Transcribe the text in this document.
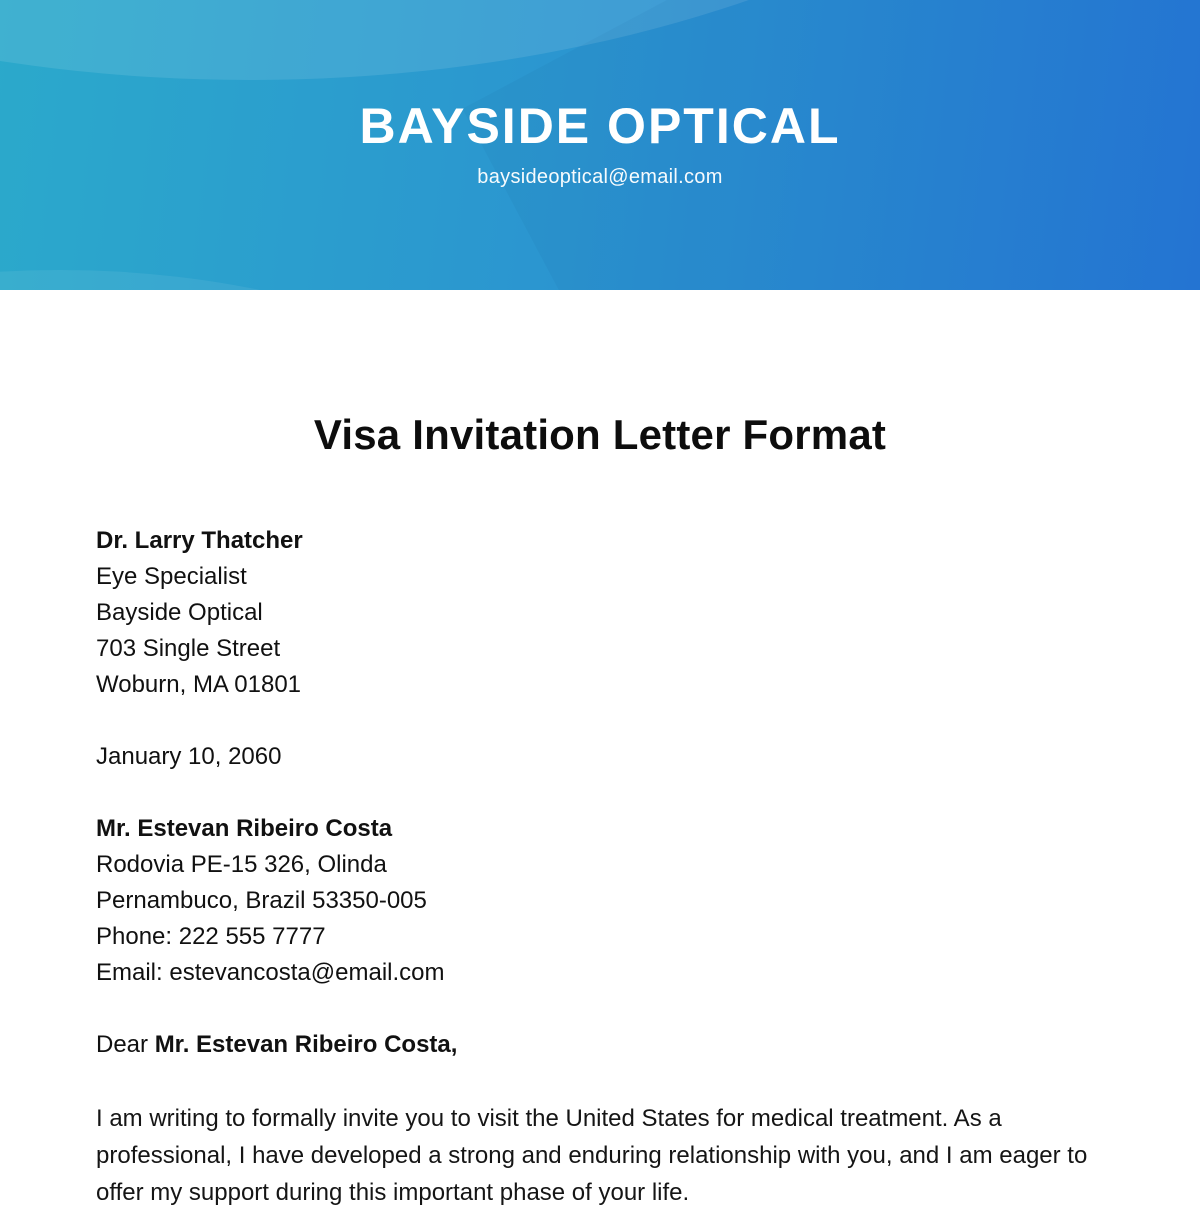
BAYSIDE OPTICAL
baysideoptical@email.com
Visa Invitation Letter Format
Dr. Larry Thatcher
Eye Specialist
Bayside Optical
703 Single Street
Woburn, MA 01801
January 10, 2060
Mr. Estevan Ribeiro Costa
Rodovia PE-15 326, Olinda
Pernambuco, Brazil 53350-005
Phone: 222 555 7777
Email: estevancosta@email.com
Dear Mr. Estevan Ribeiro Costa,

I am writing to formally invite you to visit the United States for medical treatment. As a professional, I have developed a strong and enduring relationship with you, and I am eager to offer my support during this important phase of your life.
